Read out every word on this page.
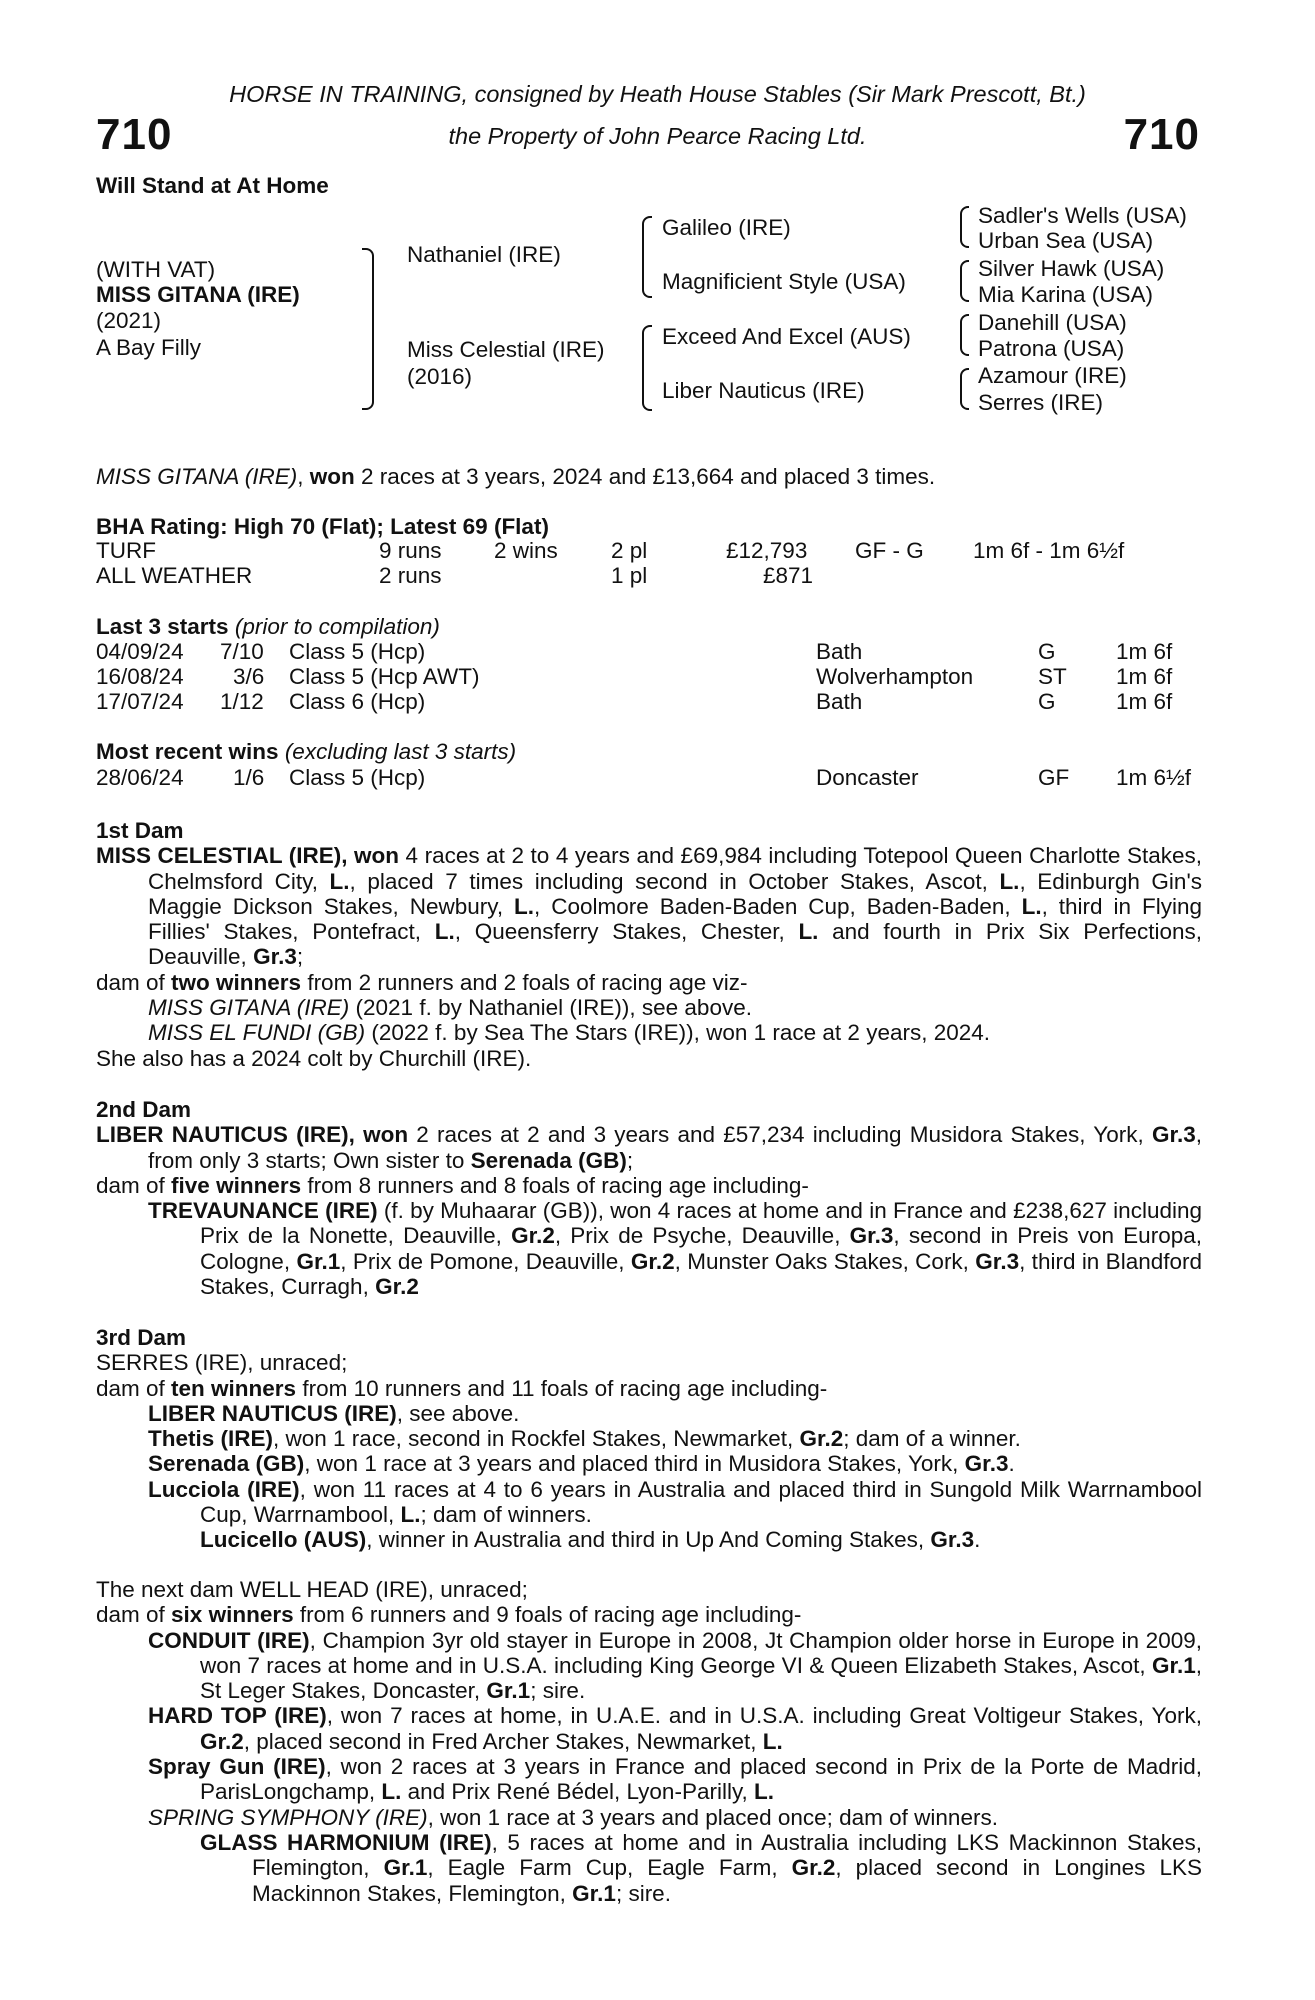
HORSE IN TRAINING, consigned by Heath House Stables (Sir Mark Prescott, Bt.)
710	the Property of John Pearce Racing Ltd.	710
Will Stand at At Home
(WITH VAT)
MISS GITANA (IRE)
(2021)
A Bay Filly
Nathaniel (IRE)
Miss Celestial (IRE)
(2016)
Galileo (IRE)
Magnificient Style (USA)
Exceed And Excel (AUS)
Liber Nauticus (IRE)
Sadler's Wells (USA)
Urban Sea (USA)
Silver Hawk (USA)
Mia Karina (USA)
Danehill (USA)
Patrona (USA)
Azamour (IRE)
Serres (IRE)
MISS GITANA (IRE), won 2 races at 3 years, 2024 and £13,664 and placed 3 times.
BHA Rating: High 70 (Flat); Latest 69 (Flat)
TURF	9 runs 2 wins 2 pl	£12,793 GF - G 1m 6f - 1m 6½f
ALL WEATHER	2 runs	1 pl	£871
Last 3 starts (prior to compilation)
04/09/24 7/10 Class 5 (Hcp)	Bath	G	1m 6f
16/08/24 3/6 Class 5 (Hcp AWT)	Wolverhampton	ST 1m 6f
17/07/24 1/12 Class 6 (Hcp)	Bath	G	1m 6f
Most recent wins (excluding last 3 starts)
28/06/24 1/6 Class 5 (Hcp)	Doncaster	GF 1m 6½f

1st Dam

MISS CELESTIAL (IRE), won 4 races at 2 to 4 years and £69,984 including Totepool Queen Charlotte Stakes, Chelmsford City, L., placed 7 times including second in October Stakes, Ascot, L., Edinburgh Gin's Maggie Dickson Stakes, Newbury, L., Coolmore Baden-Baden Cup, Baden-Baden, L., third in Flying Fillies' Stakes, Pontefract, L., Queensferry Stakes, Chester, L. and fourth in Prix Six Perfections, Deauville, Gr.3;

dam of two winners from 2 runners and 2 foals of racing age viz-

MISS GITANA (IRE) (2021 f. by Nathaniel (IRE)), see above.

MISS EL FUNDI (GB) (2022 f. by Sea The Stars (IRE)), won 1 race at 2 years, 2024.

She also has a 2024 colt by Churchill (IRE).

2nd Dam

LIBER NAUTICUS (IRE), won 2 races at 2 and 3 years and £57,234 including Musidora Stakes, York, Gr.3, from only 3 starts; Own sister to Serenada (GB);

dam of five winners from 8 runners and 8 foals of racing age including-

TREVAUNANCE (IRE) (f. by Muhaarar (GB)), won 4 races at home and in France and £238,627 including Prix de la Nonette, Deauville, Gr.2, Prix de Psyche, Deauville, Gr.3, second in Preis von Europa, Cologne, Gr.1, Prix de Pomone, Deauville, Gr.2, Munster Oaks Stakes, Cork, Gr.3, third in Blandford Stakes, Curragh, Gr.2

3rd Dam

SERRES (IRE), unraced;

dam of ten winners from 10 runners and 11 foals of racing age including-

LIBER NAUTICUS (IRE), see above.

Thetis (IRE), won 1 race, second in Rockfel Stakes, Newmarket, Gr.2; dam of a winner.

Serenada (GB), won 1 race at 3 years and placed third in Musidora Stakes, York, Gr.3.

Lucciola (IRE), won 11 races at 4 to 6 years in Australia and placed third in Sungold Milk Warrnambool Cup, Warrnambool, L.; dam of winners.

Lucicello (AUS), winner in Australia and third in Up And Coming Stakes, Gr.3.

The next dam WELL HEAD (IRE), unraced;

dam of six winners from 6 runners and 9 foals of racing age including-

CONDUIT (IRE), Champion 3yr old stayer in Europe in 2008, Jt Champion older horse in Europe in 2009, won 7 races at home and in U.S.A. including King George VI & Queen Elizabeth Stakes, Ascot, Gr.1, St Leger Stakes, Doncaster, Gr.1; sire.

HARD TOP (IRE), won 7 races at home, in U.A.E. and in U.S.A. including Great Voltigeur Stakes, York, Gr.2, placed second in Fred Archer Stakes, Newmarket, L.

Spray Gun (IRE), won 2 races at 3 years in France and placed second in Prix de la Porte de Madrid, ParisLongchamp, L. and Prix René Bédel, Lyon-Parilly, L.

SPRING SYMPHONY (IRE), won 1 race at 3 years and placed once; dam of winners.

GLASS HARMONIUM (IRE), 5 races at home and in Australia including LKS Mackinnon Stakes, Flemington, Gr.1, Eagle Farm Cup, Eagle Farm, Gr.2, placed second in Longines LKS Mackinnon Stakes, Flemington, Gr.1; sire.
